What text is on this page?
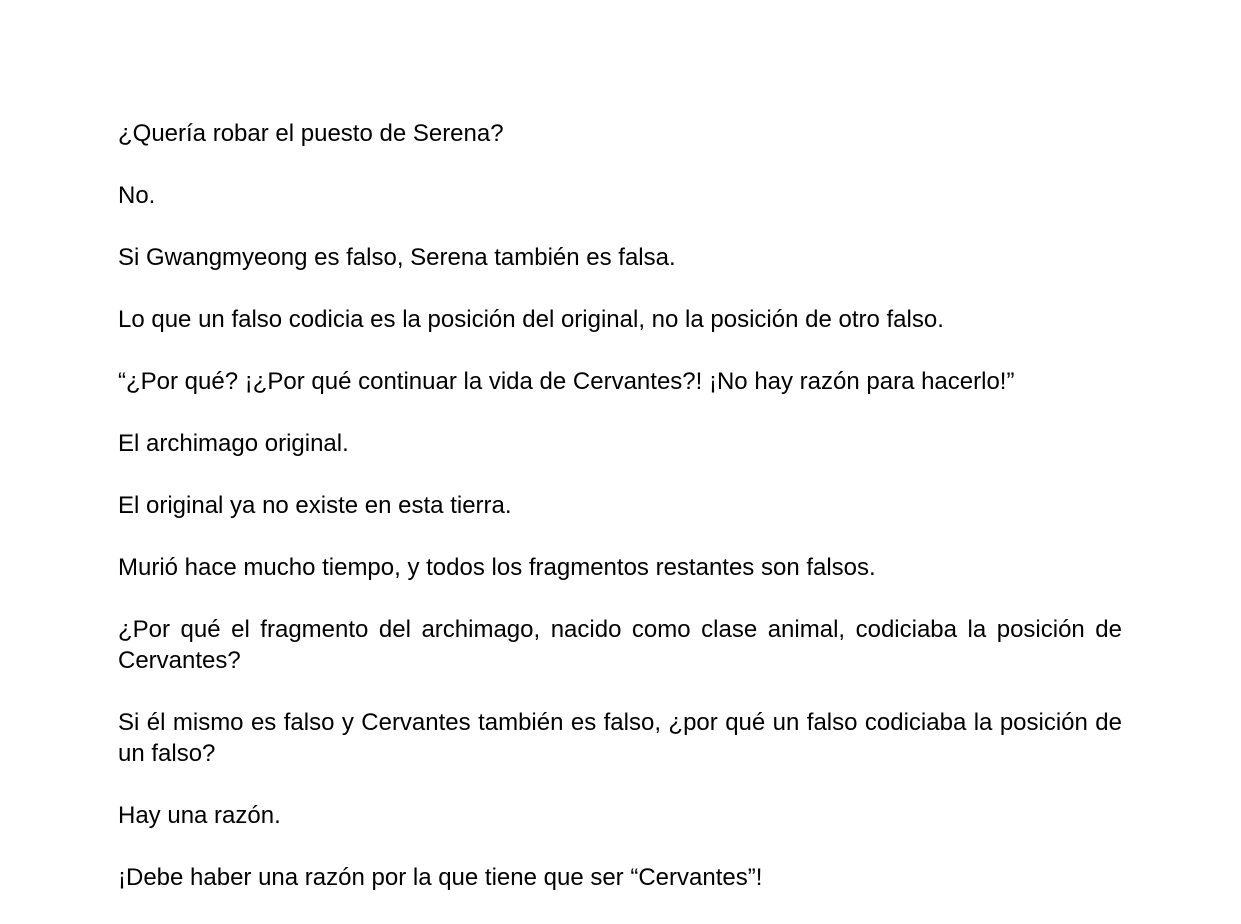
¿Quería robar el puesto de Serena?

No.

Si Gwangmyeong es falso, Serena también es falsa.

Lo que un falso codicia es la posición del original, no la posición de otro falso.

“¿Por qué? ¡¿Por qué continuar la vida de Cervantes?! ¡No hay razón para hacerlo!”

El archimago original.

El original ya no existe en esta tierra.

Murió hace mucho tiempo, y todos los fragmentos restantes son falsos.

¿Por qué el fragmento del archimago, nacido como clase animal, codiciaba la posición de Cervantes?

Si él mismo es falso y Cervantes también es falso, ¿por qué un falso codiciaba la posición de un falso?

Hay una razón.

¡Debe haber una razón por la que tiene que ser “Cervantes”!
